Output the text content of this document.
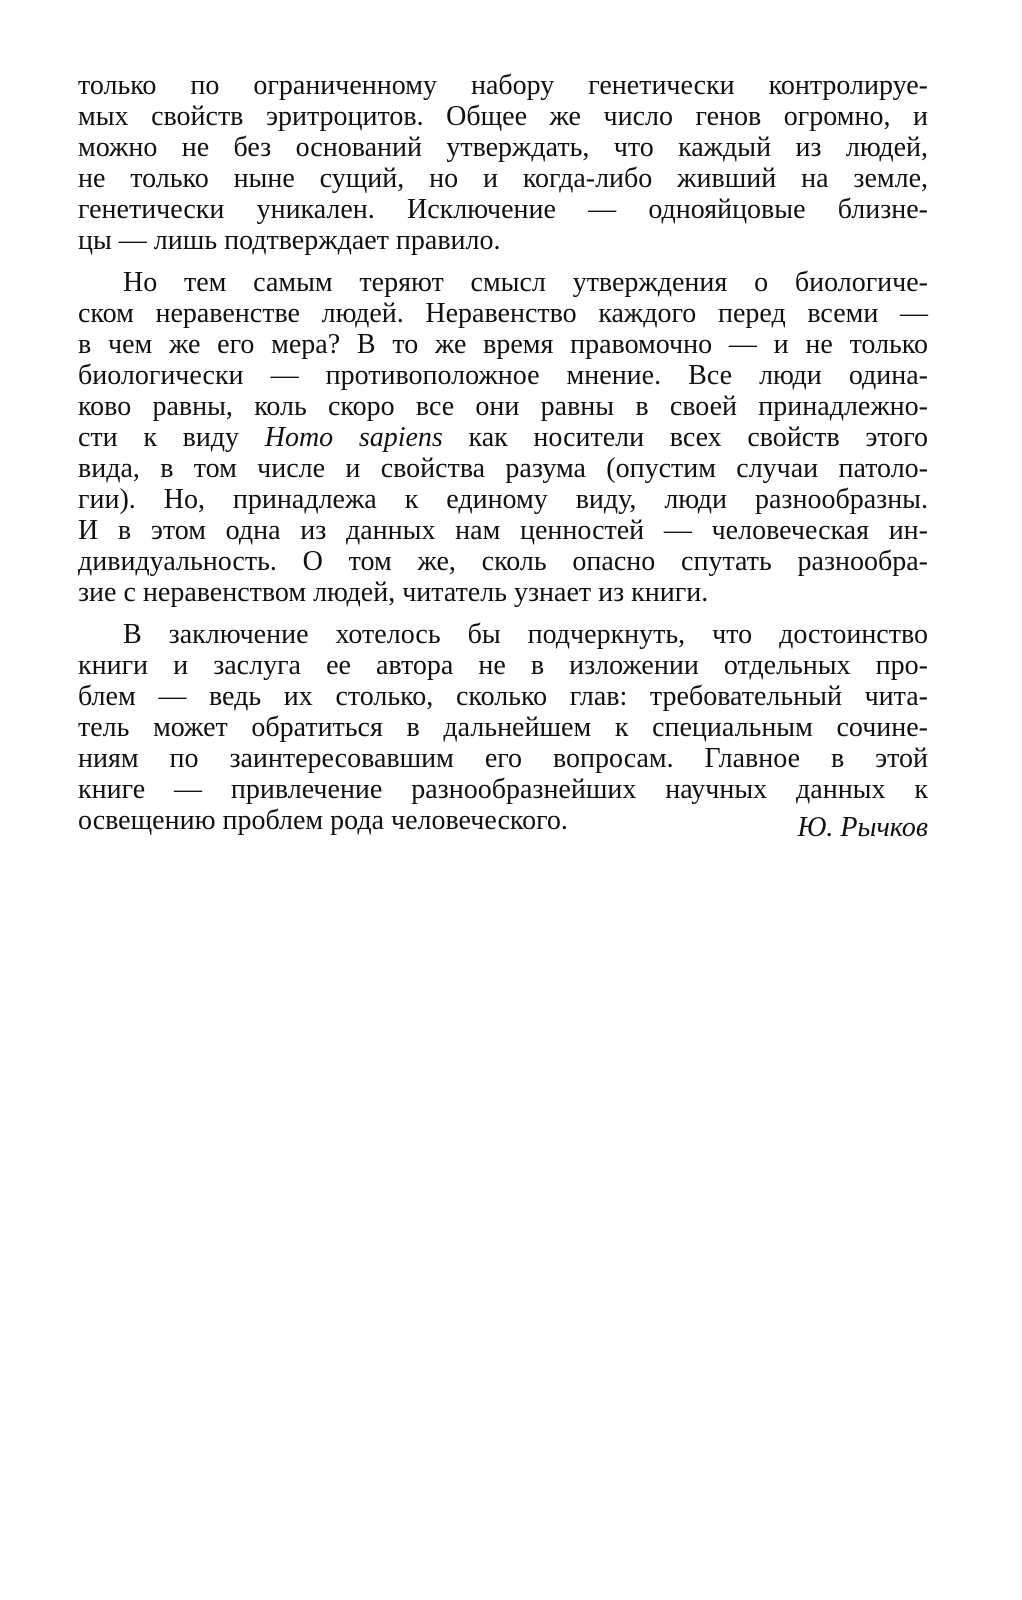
только по ограниченному набору генетически контролируе-
мых свойств эритроцитов. Общее же число генов огромно, и
можно не без оснований утверждать, что каждый из людей,
не только ныне сущий, но и когда-либо живший на земле,
генетически уникален. Исключение — однояйцовые близне-
цы — лишь подтверждает правило.
Но тем самым теряют смысл утверждения о биологиче-
ском неравенстве людей. Неравенство каждого перед всеми —
в чем же его мера? В то же время правомочно — и не только
биологически — противоположное мнение. Все люди одина-
ково равны, коль скоро все они равны в своей принадлежно-
сти к виду Homo sapiens как носители всех свойств этого
вида, в том числе и свойства разума (опустим случаи патоло-
гии). Но, принадлежа к единому виду, люди разнообразны.
И в этом одна из данных нам ценностей — человеческая ин-
дивидуальность. О том же, сколь опасно спутать разнообра-
зие с неравенством людей, читатель узнает из книги.
В заключение хотелось бы подчеркнуть, что достоинство
книги и заслуга ее автора не в изложении отдельных про-
блем — ведь их столько, сколько глав: требовательный чита-
тель может обратиться в дальнейшем к специальным сочине-
ниям по заинтересовавшим его вопросам. Главное в этой
книге — привлечение разнообразнейших научных данных к
освещению проблем рода человеческого.	Ю. Рычков
